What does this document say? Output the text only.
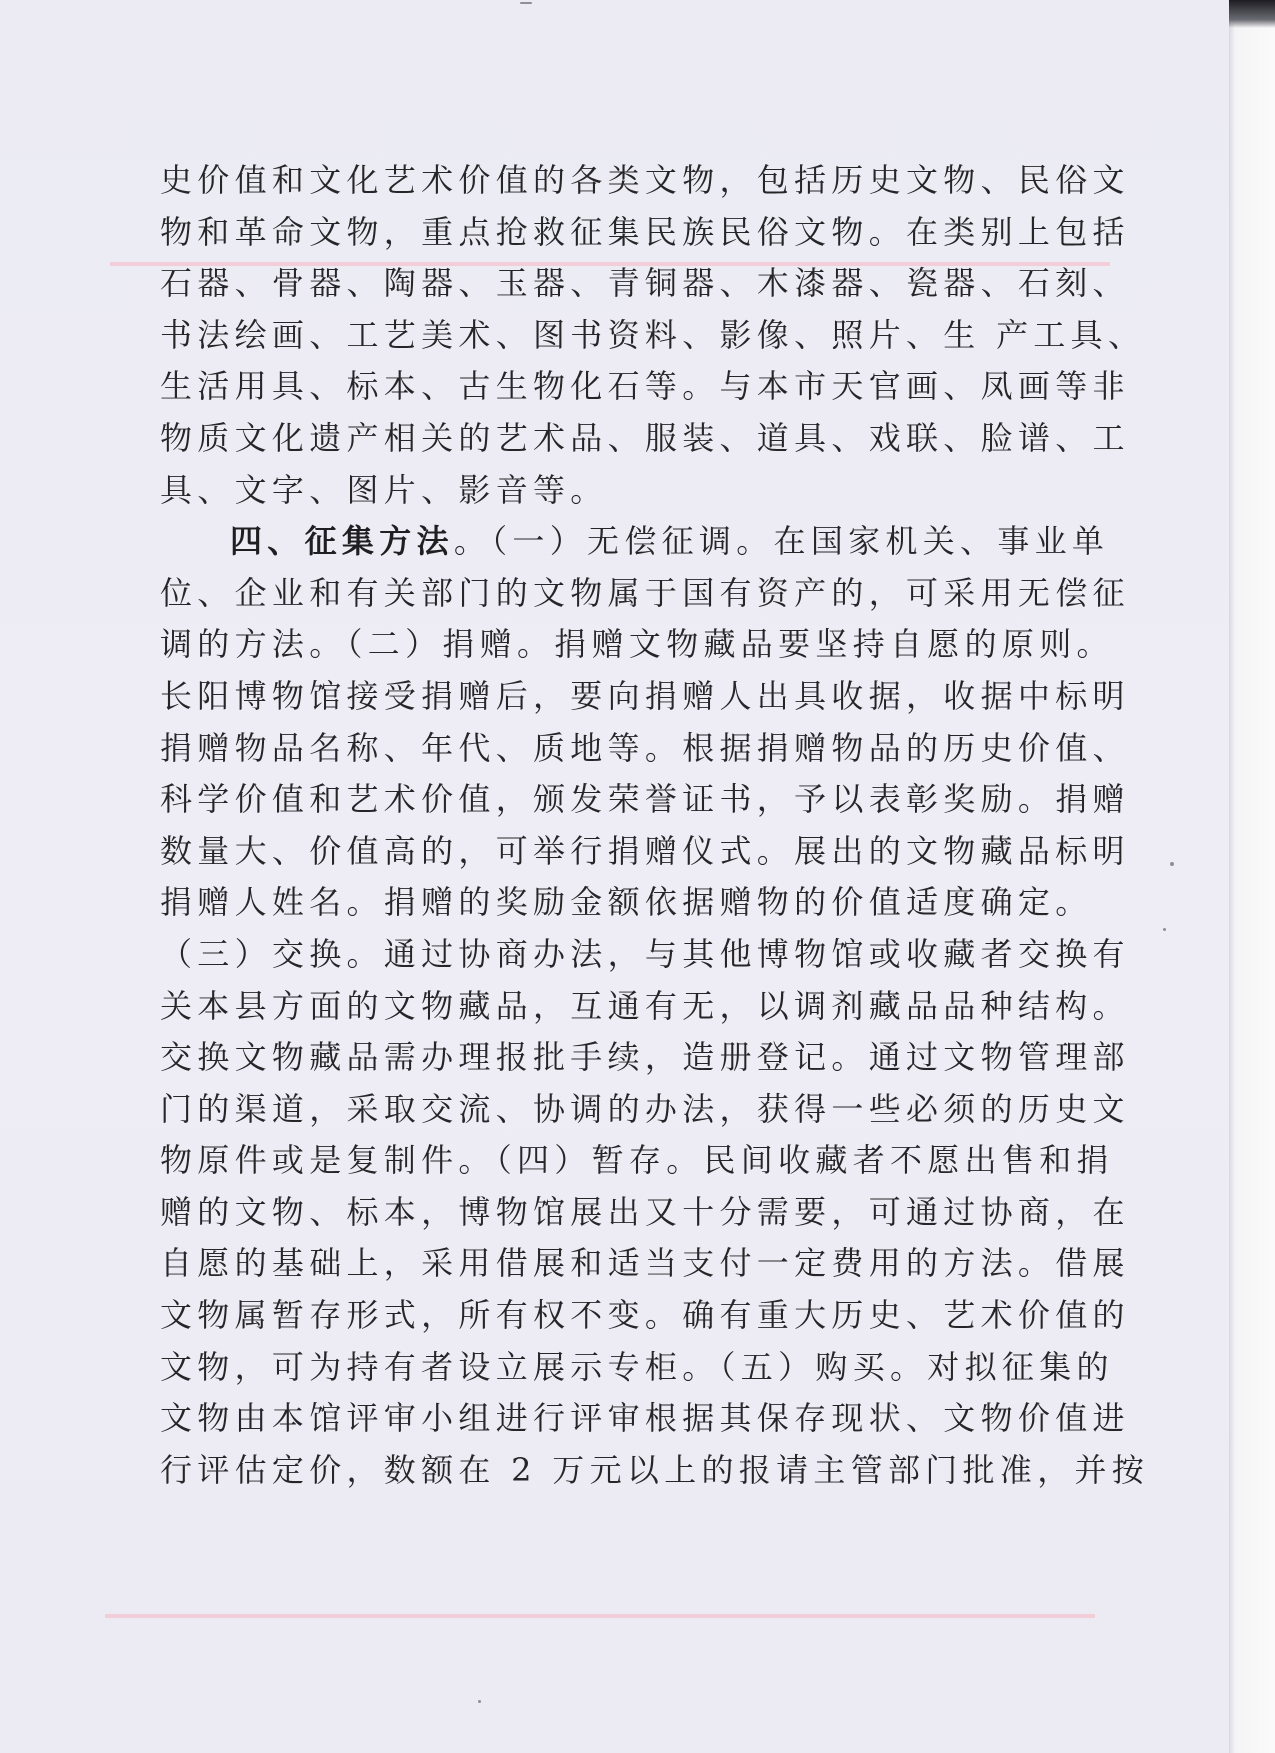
史价值和文化艺术价值的各类文物，包括历史文物、民俗文
物和革命文物，重点抢救征集民族民俗文物。在类别上包括
石器、骨器、陶器、玉器、青铜器、木漆器、瓷器、石刻、
书法绘画、工艺美术、图书资料、影像、照片、生 产工具、
生活用具、标本、古生物化石等。与本市天官画、凤画等非
物质文化遗产相关的艺术品、服装、道具、戏联、脸谱、工
具、文字、图片、影音等。
四、征集方法。（一）无偿征调。在国家机关、事业单
位、企业和有关部门的文物属于国有资产的，可采用无偿征
调的方法。（二）捐赠。捐赠文物藏品要坚持自愿的原则。
长阳博物馆接受捐赠后，要向捐赠人出具收据，收据中标明
捐赠物品名称、年代、质地等。根据捐赠物品的历史价值、
科学价值和艺术价值，颁发荣誉证书，予以表彰奖励。捐赠
数量大、价值高的，可举行捐赠仪式。展出的文物藏品标明
捐赠人姓名。捐赠的奖励金额依据赠物的价值适度确定。
（三）交换。通过协商办法，与其他博物馆或收藏者交换有
关本县方面的文物藏品，互通有无，以调剂藏品品种结构。
交换文物藏品需办理报批手续，造册登记。通过文物管理部
门的渠道，采取交流、协调的办法，获得一些必须的历史文
物原件或是复制件。（四）暂存。民间收藏者不愿出售和捐
赠的文物、标本，博物馆展出又十分需要，可通过协商，在
自愿的基础上，采用借展和适当支付一定费用的方法。借展
文物属暂存形式，所有权不变。确有重大历史、艺术价值的
文物，可为持有者设立展示专柜。（五）购买。对拟征集的
文物由本馆评审小组进行评审根据其保存现状、文物价值进
行评估定价，数额在 2 万元以上的报请主管部门批准，并按
